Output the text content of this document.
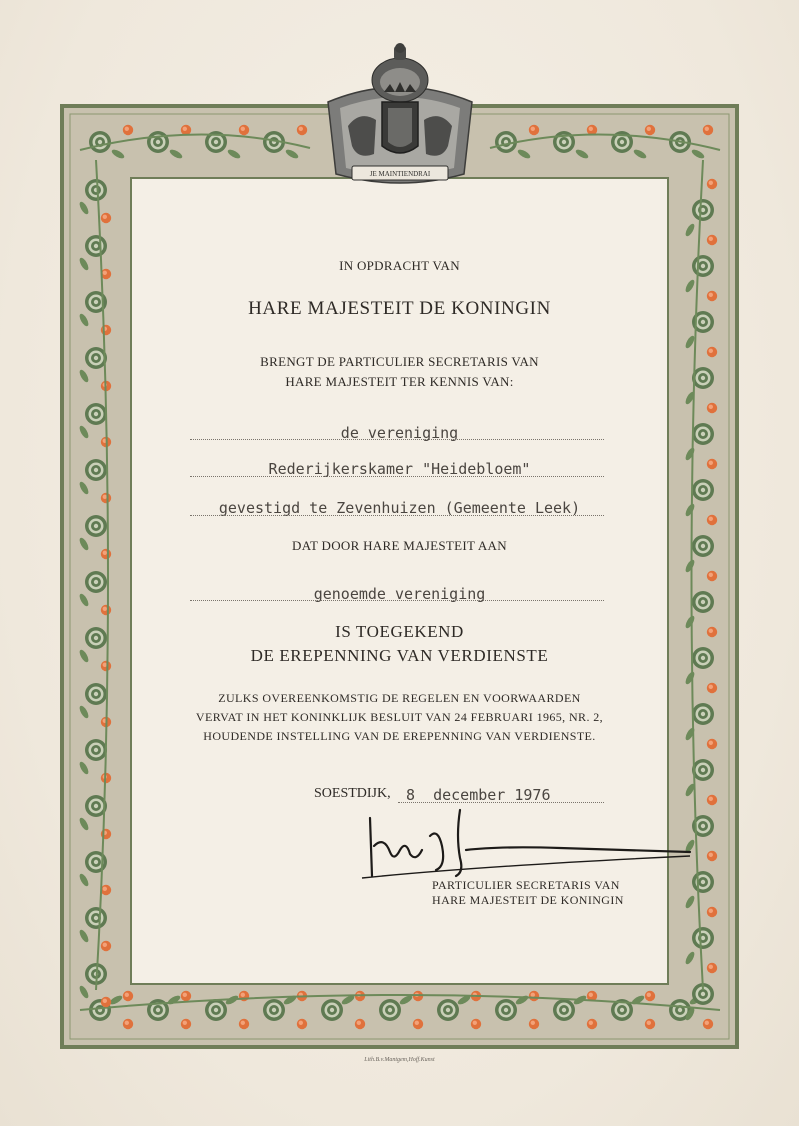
JE MAINTIENDRAI
IN OPDRACHT VAN
HARE MAJESTEIT DE KONINGIN
BRENGT DE PARTICULIER SECRETARIS VAN
HARE MAJESTEIT TER KENNIS VAN:
de vereniging
Rederijkerskamer "Heidebloem"
gevestigd te Zevenhuizen (Gemeente Leek)
DAT DOOR HARE MAJESTEIT AAN
genoemde vereniging
IS TOEGEKEND
DE EREPENNING VAN VERDIENSTE
ZULKS OVEREENKOMSTIG DE REGELEN EN VOORWAARDEN
VERVAT IN HET KONINKLIJK BESLUIT VAN 24 FEBRUARI 1965, NR. 2,
HOUDENDE INSTELLING VAN DE EREPENNING VAN VERDIENSTE.
SOESTDIJK, 8  december 1976
PARTICULIER SECRETARIS VAN
HARE MAJESTEIT DE KONINGIN
Lith.B.v.Mantgem,Hoff.Kunst
